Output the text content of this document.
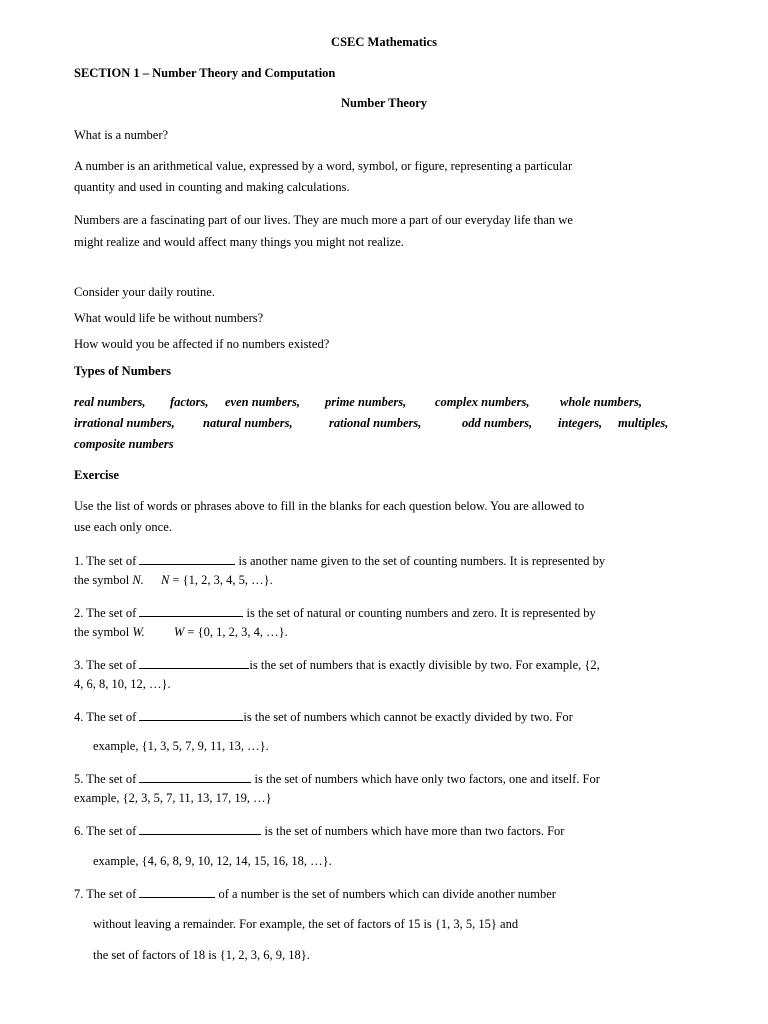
CSEC Mathematics
SECTION 1 – Number Theory and Computation
Number Theory
What is a number?
A number is an arithmetical value, expressed by a word, symbol, or figure, representing a particular
quantity and used in counting and making calculations.
Numbers are a fascinating part of our lives. They are much more a part of our everyday life than we
might realize and would affect many things you might not realize.
Consider your daily routine.
What would life be without numbers?
How would you be affected if no numbers existed?
Types of Numbers
real numbers, factors, even numbers, prime numbers, complex numbers, whole numbers,
irrational numbers, natural numbers,	rational numbers,	odd numbers, integers, multiples,
composite numbers
Exercise
Use the list of words or phrases above to fill in the blanks for each question below. You are allowed to
use each only once.
1. The set of	is another name given to the set of counting numbers. It is represented by
the symbol N. N = {1, 2, 3, 4, 5, …}.
2. The set of	is the set of natural or counting numbers and zero. It is represented by
the symbol W. W = {0, 1, 2, 3, 4, …}.
3. The set of	is the set of numbers that is exactly divisible by two. For example, {2,
4, 6, 8, 10, 12, …}.
4. The set of	is the set of numbers which cannot be exactly divided by two. For
example, {1, 3, 5, 7, 9, 11, 13, …}.
5. The set of	is the set of numbers which have only two factors, one and itself. For
example, {2, 3, 5, 7, 11, 13, 17, 19, …}
6. The set of	is the set of numbers which have more than two factors. For
example, {4, 6, 8, 9, 10, 12, 14, 15, 16, 18, …}.
7. The set of	of a number is the set of numbers which can divide another number
without leaving a remainder. For example, the set of factors of 15 is {1, 3, 5, 15} and
the set of factors of 18 is {1, 2, 3, 6, 9, 18}.
